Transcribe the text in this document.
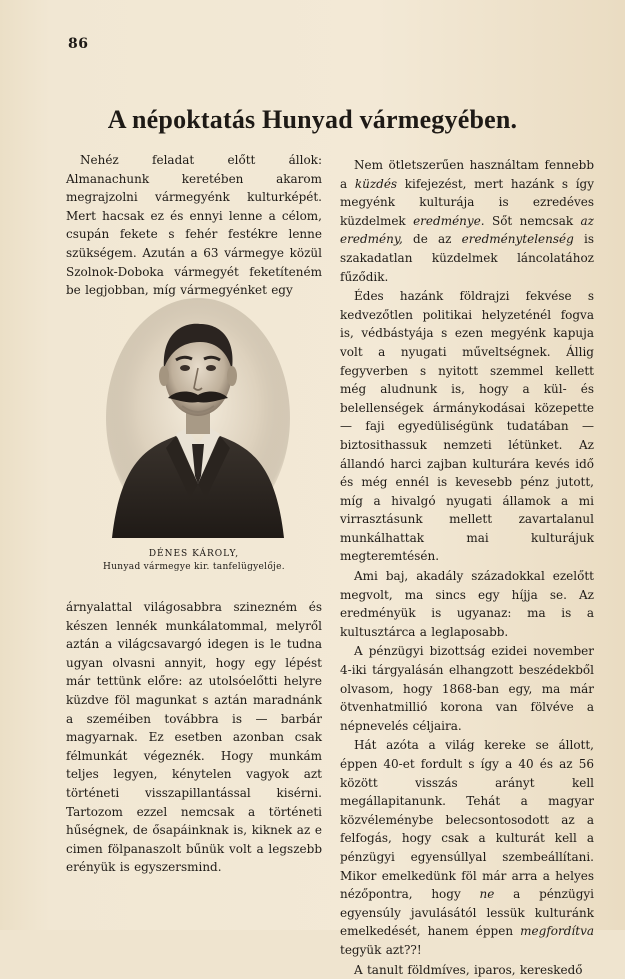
86
A népoktatás Hunyad vármegyében.

Nehéz feladat előtt állok: Almanachunk keretében akarom megrajzolni vármegyénk kulturképét. Mert hacsak ez és ennyi lenne a célom, csupán fekete s fehér festékre lenne szükségem. Azután a 63 vármegye közül Szolnok-Doboka vármegyét feketíteném be legjobban, míg vármegyénket egy

DÉNES KÁROLY,
Hunyad vármegye kir. tanfelügyelője.

árnyalattal világosabbra szinezném és készen lennék munkálatommal, melyről aztán a világcsavargó idegen is le tudna ugyan olvasni annyit, hogy egy lépést már tettünk előre: az utolsóelőtti helyre küzdve föl magunkat s aztán maradnánk a szeméiben továbbra is — barbár magyarnak. Ez esetben azonban csak félmunkát végeznék. Hogy munkám teljes legyen, kénytelen vagyok azt történeti visszapillantással kisérni. Tartozom ezzel nemcsak a történeti hűségnek, de ősapáinknak is, kiknek az e cimen fölpanaszolt bűnük volt a legszebb erényük is egyszersmind.

Nem ötletszerűen használtam fennebb a küzdés kifejezést, mert hazánk s így megyénk kulturája is ezredéves küzdelmek eredménye. Sőt nemcsak az eredmény, de az eredménytelenség is szakadatlan küzdelmek láncolatához fűződik.

Édes hazánk földrajzi fekvése s kedvezőtlen politikai helyzeténél fogva is, védbástyája s ezen megyénk kapuja volt a nyugati műveltségnek. Állig fegyverben s nyitott szemmel kellett még aludnunk is, hogy a kül- és belellenségek ármánykodásai közepette — faji egyedüliségünk tudatában — biztosithassuk nemzeti létünket. Az állandó harci zajban kulturára kevés idő és még ennél is kevesebb pénz jutott, míg a hivalgó nyugati államok a mi virrasztásunk mellett zavartalanul munkálhattak mai kulturájuk megteremtésén.

Ami baj, akadály századokkal ezelőtt megvolt, ma sincs egy híjja se. Az eredményük is ugyanaz: ma is a kultusztárca a leglaposabb.

A pénzügyi bizottság ezidei november 4-iki tárgyalásán elhangzott beszédekből olvasom, hogy 1868-ban egy, ma már ötvenhatmillió korona van fölvéve a népnevelés céljaira.

Hát azóta a világ kereke se állott, éppen 40-et fordult s így a 40 és az 56 között visszás arányt kell megállapitanunk. Tehát a magyar közvéleménybe belecsontosodott az a felfogás, hogy csak a kulturát kell a pénzügyi egyensúllyal szembeállítani. Mikor emelkedünk föl már arra a helyes nézőpontra, hogy ne a pénzügyi egyensúly javulásától lessük kulturánk emelkedését, hanem éppen megfordítva tegyük azt??!

A tanult földmíves, iparos, kereskedő
